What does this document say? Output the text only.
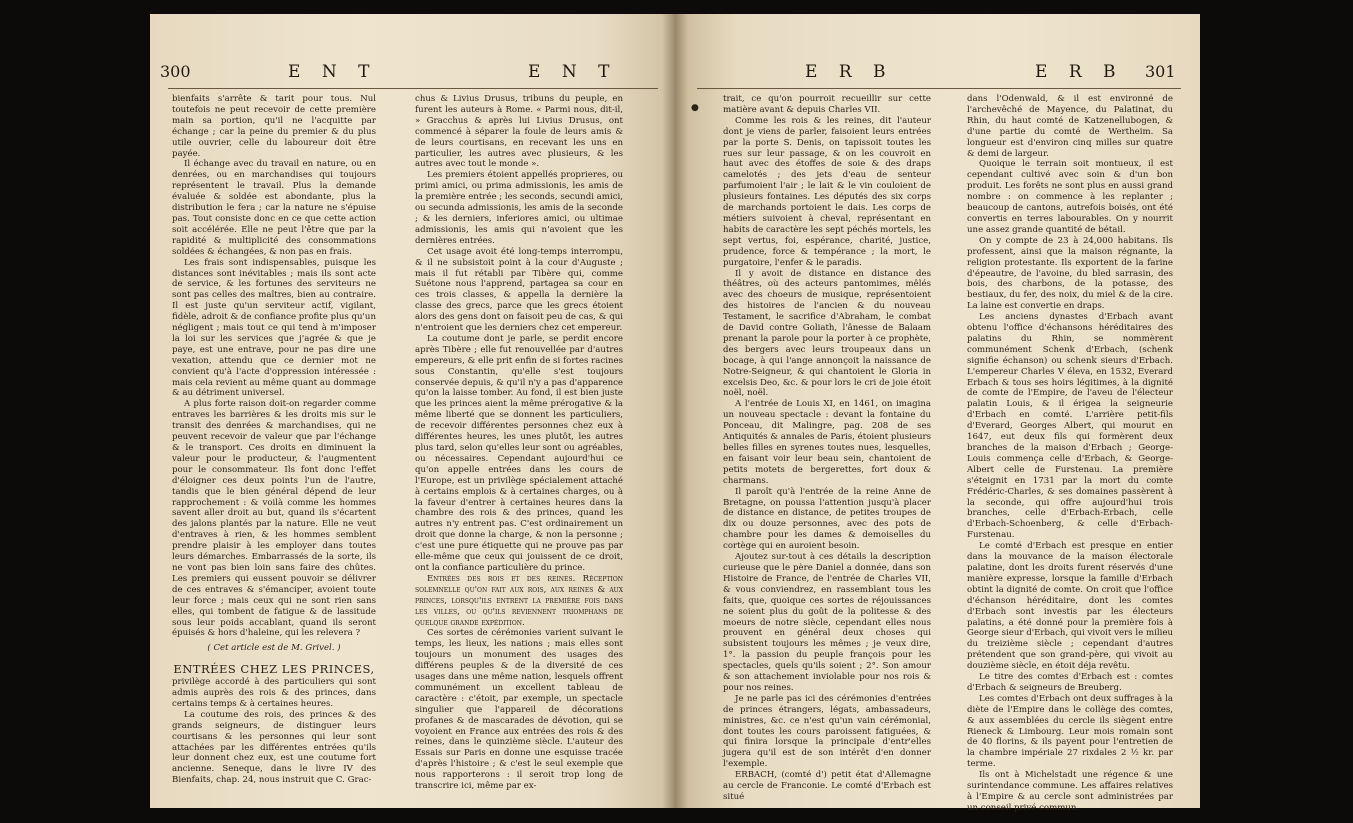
300	E N T	E N T

bienfaits s'arrête & tarit pour tous. Nul toutefois ne peut recevoir de cette première main sa portion, qu'il ne l'acquitte par échange ; car la peine du premier & du plus utile ouvrier, celle du laboureur doit être payée.

Il échange avec du travail en nature, ou en denrées, ou en marchandises qui toujours représentent le travail. Plus la demande évaluée & soldée est abondante, plus la distribution le fera ; car la nature ne s'épuise pas. Tout consiste donc en ce que cette action soit accélérée. Elle ne peut l'être que par la rapidité & multiplicité des consommations soldées & échangées, & non pas en frais.

Les frais sont indispensables, puisque les distances sont inévitables ; mais ils sont acte de service, & les fortunes des serviteurs ne sont pas celles des maîtres, bien au contraire. Il est juste qu'un serviteur actif, vigilant, fidèle, adroit & de confiance profite plus qu'un négligent ; mais tout ce qui tend à m'imposer la loi sur les services que j'agrée & que je paye, est une entrave, pour ne pas dire une vexation, attendu que ce dernier mot ne convient qu'à l'acte d'oppression intéressée : mais cela revient au même quant au dommage & au détriment universel.

A plus forte raison doit-on regarder comme entraves les barrières & les droits mis sur le transit des denrées & marchandises, qui ne peuvent recevoir de valeur que par l'échange & le transport. Ces droits en diminuent la valeur pour le producteur, & l'augmentent pour le consommateur. Ils font donc l'effet d'éloigner ces deux points l'un de l'autre, tandis que le bien général dépend de leur rapprochement : & voilà comme les hommes savent aller droit au but, quand ils s'écartent des jalons plantés par la nature. Elle ne veut d'entraves à rien, & les hommes semblent prendre plaisir à les employer dans toutes leurs démarches. Embarrassés de la sorte, ils ne vont pas bien loin sans faire des chûtes. Les premiers qui eussent pouvoir se délivrer de ces entraves & s'émanciper, avoient toute leur force ; mais ceux qui ne sont rien sans elles, qui tombent de fatigue & de lassitude sous leur poids accablant, quand ils seront épuisés & hors d'haleine, qui les relevera ?

( Cet article est de M. Grivel. )

ENTRÉES CHEZ LES PRINCES,

privilège accordé à des particuliers qui sont admis auprès des rois & des princes, dans certains temps & à certaines heures.

La coutume des rois, des princes & des grands seigneurs, de distinguer leurs courtisans & les personnes qui leur sont attachées par les différentes entrées qu'ils leur donnent chez eux, est une coutume fort ancienne. Seneque, dans le livre IV des Bienfaits, chap. 24, nous instruit que C. Grac-

chus & Livius Drusus, tribuns du peuple, en furent les auteurs à Rome. « Parmi nous, dit-il, » Gracchus & après lui Livius Drusus, ont commencé à séparer la foule de leurs amis & de leurs courtisans, en recevant les uns en particulier, les autres avec plusieurs, & les autres avec tout le monde ».

Les premiers étoient appellés proprieres, ou primi amici, ou prima admissionis, les amis de la première entrée ; les seconds, secundi amici, ou secunda admissionis, les amis de la seconde ; & les derniers, inferiores amici, ou ultimae admissionis, les amis qui n'avoient que les dernières entrées.

Cet usage avoit été long-temps interrompu, & il ne subsistoit point à la cour d'Auguste ; mais il fut rétabli par Tibère qui, comme Suétone nous l'apprend, partagea sa cour en ces trois classes, & appella la dernière la classe des grecs, parce que les grecs étoient alors des gens dont on faisoit peu de cas, & qui n'entroient que les derniers chez cet empereur.

La coutume dont je parle, se perdit encore après Tibère ; elle fut renouvellée par d'autres empereurs, & elle prit enfin de si fortes racines sous Constantin, qu'elle s'est toujours conservée depuis, & qu'il n'y a pas d'apparence qu'on la laisse tomber. Au fond, il est bien juste que les princes aient la même prérogative & la même liberté que se donnent les particuliers, de recevoir différentes personnes chez eux à différentes heures, les unes plutôt, les autres plus tard, selon qu'elles leur sont ou agréables, ou nécessaires. Cependant aujourd'hui ce qu'on appelle entrées dans les cours de l'Europe, est un privilège spécialement attaché à certains emplois & à certaines charges, ou à la faveur d'entrer à certaines heures dans la chambre des rois & des princes, quand les autres n'y entrent pas. C'est ordinairement un droit que donne la charge, & non la personne ; c'est une pure étiquette qui ne prouve pas par elle-même que ceux qui jouissent de ce droit, ont la confiance particulière du prince.

Entrées des rois et des reines. Réception solemnelle qu'on fait aux rois, aux reines & aux princes, lorsqu'ils entrent la première fois dans les villes, ou qu'ils reviennent triomphans de quelque grande expédition.

Ces sortes de cérémonies varient suivant le temps, les lieux, les nations ; mais elles sont toujours un monument des usages des différens peuples & de la diversité de ces usages dans une même nation, lesquels offrent communément un excellent tableau de caractère : c'étoit, par exemple, un spectacle singulier que l'appareil de décorations profanes & de mascarades de dévotion, qui se voyoient en France aux entrées des rois & des reines, dans le quinzième siècle. L'auteur des Essais sur Paris en donne une esquisse tracée d'après l'histoire ; & c'est le seul exemple que nous rapporterons : il seroit trop long de transcrire ici, même par ex-

E R B	E R B 301
●

trait, ce qu'on pourroit recueillir sur cette matière avant & depuis Charles VII.

Comme les rois & les reines, dit l'auteur dont je viens de parler, faisoient leurs entrées par la porte S. Denis, on tapissoit toutes les rues sur leur passage, & on les couvroit en haut avec des étoffes de soie & des draps camelotés ; des jets d'eau de senteur parfumoient l'air ; le lait & le vin couloient de plusieurs fontaines. Les députés des six corps de marchands portoient le dais. Les corps de métiers suivoient à cheval, représentant en habits de caractère les sept péchés mortels, les sept vertus, foi, espérance, charité, justice, prudence, force & tempérance ; la mort, le purgatoire, l'enfer & le paradis.

Il y avoit de distance en distance des théâtres, où des acteurs pantomimes, mêlés avec des choeurs de musique, représentoient des histoires de l'ancien & du nouveau Testament, le sacrifice d'Abraham, le combat de David contre Goliath, l'ânesse de Balaam prenant la parole pour la porter à ce prophète, des bergers avec leurs troupeaux dans un bocage, à qui l'ange annonçoit la naissance de Notre-Seigneur, & qui chantoient le Gloria in excelsis Deo, &c. & pour lors le cri de joie étoit noël, noël.

A l'entrée de Louis XI, en 1461, on imagina un nouveau spectacle : devant la fontaine du Ponceau, dit Malingre, pag. 208 de ses Antiquités & annales de Paris, étoient plusieurs belles filles en syrenes toutes nues, lesquelles, en faisant voir leur beau sein, chantoient de petits motets de bergerettes, fort doux & charmans.

Il paroît qu'à l'entrée de la reine Anne de Bretagne, on poussa l'attention jusqu'à placer de distance en distance, de petites troupes de dix ou douze personnes, avec des pots de chambre pour les dames & demoiselles du cortège qui en auroient besoin.

Ajoutez sur-tout à ces détails la description curieuse que le père Daniel a donnée, dans son Histoire de France, de l'entrée de Charles VII, & vous conviendrez, en rassemblant tous les faits, que, quoique ces sortes de réjouissances ne soient plus du goût de la politesse & des moeurs de notre siècle, cependant elles nous prouvent en général deux choses qui subsistent toujours les mêmes ; je veux dire, 1°. la passion du peuple françois pour les spectacles, quels qu'ils soient ; 2°. Son amour & son attachement inviolable pour nos rois & pour nos reines.

Je ne parle pas ici des cérémonies d'entrées de princes étrangers, légats, ambassadeurs, ministres, &c. ce n'est qu'un vain cérémonial, dont toutes les cours paroissent fatiguées, & qui finira lorsque la principale d'entr'elles jugera qu'il est de son intérêt d'en donner l'exemple.

ERBACH, (comté d') petit état d'Allemagne au cercle de Franconie. Le comté d'Erbach est situé

dans l'Odenwald, & il est environné de l'archevêché de Mayence, du Palatinat, du Rhin, du haut comté de Katzenellubogen, & d'une partie du comté de Wertheim. Sa longueur est d'environ cinq milles sur quatre & demi de largeur.

Quoique le terrain soit montueux, il est cependant cultivé avec soin & d'un bon produit. Les forêts ne sont plus en aussi grand nombre : on commence à les replanter ; beaucoup de cantons, autrefois boisés, ont été convertis en terres labourables. On y nourrit une assez grande quantité de bétail.

On y compte de 23 à 24,000 habitans. Ils professent, ainsi que la maison régnante, la religion protestante. Ils exportent de la farine d'épeautre, de l'avoine, du bled sarrasin, des bois, des charbons, de la potasse, des bestiaux, du fer, des noix, du miel & de la cire. La laine est convertie en draps.

Les anciens dynastes d'Erbach avant obtenu l'office d'échansons héréditaires des palatins du Rhin, se nommèrent communément Schenk d'Erbach, (schenk signifie échanson) ou schenk sieurs d'Erbach. L'empereur Charles V éleva, en 1532, Everard Erbach & tous ses hoirs légitimes, à la dignité de comte de l'Empire, de l'aveu de l'électeur palatin Louis, & il érigea la seigneurie d'Erbach en comté. L'arrière petit-fils d'Everard, Georges Albert, qui mourut en 1647, eut deux fils qui formèrent deux branches de la maison d'Erbach ; George-Louis commença celle d'Erbach, & George-Albert celle de Furstenau. La première s'éteignit en 1731 par la mort du comte Frédéric-Charles, & ses domaines passèrent à la seconde, qui offre aujourd'hui trois branches, celle d'Erbach-Erbach, celle d'Erbach-Schoenberg, & celle d'Erbach-Furstenau.

Le comté d'Erbach est presque en entier dans la mouvance de la maison électorale palatine, dont les droits furent réservés d'une manière expresse, lorsque la famille d'Erbach obtint la dignité de comte. On croit que l'office d'échanson héréditaire, dont les comtes d'Erbach sont investis par les électeurs palatins, a été donné pour la première fois à George sieur d'Erbach, qui vivoit vers le milieu du treizième siècle ; cependant d'autres prétendent que son grand-père, qui vivoit au douzième siècle, en étoit déja revêtu.

Le titre des comtes d'Erbach est : comtes d'Erbach & seigneurs de Breuberg.

Les comtes d'Erbach ont deux suffrages à la diète de l'Empire dans le collège des comtes, & aux assemblées du cercle ils siègent entre Rieneck & Limbourg. Leur mois romain sont de 40 florins, & ils payent pour l'entretien de la chambre impériale 27 rixdales 2 ½ kr. par terme.

Ils ont à Michelstadt une régence & une surintendance commune. Les affaires relatives à l'Empire & au cercle sont administrées par un conseil privé commun.
